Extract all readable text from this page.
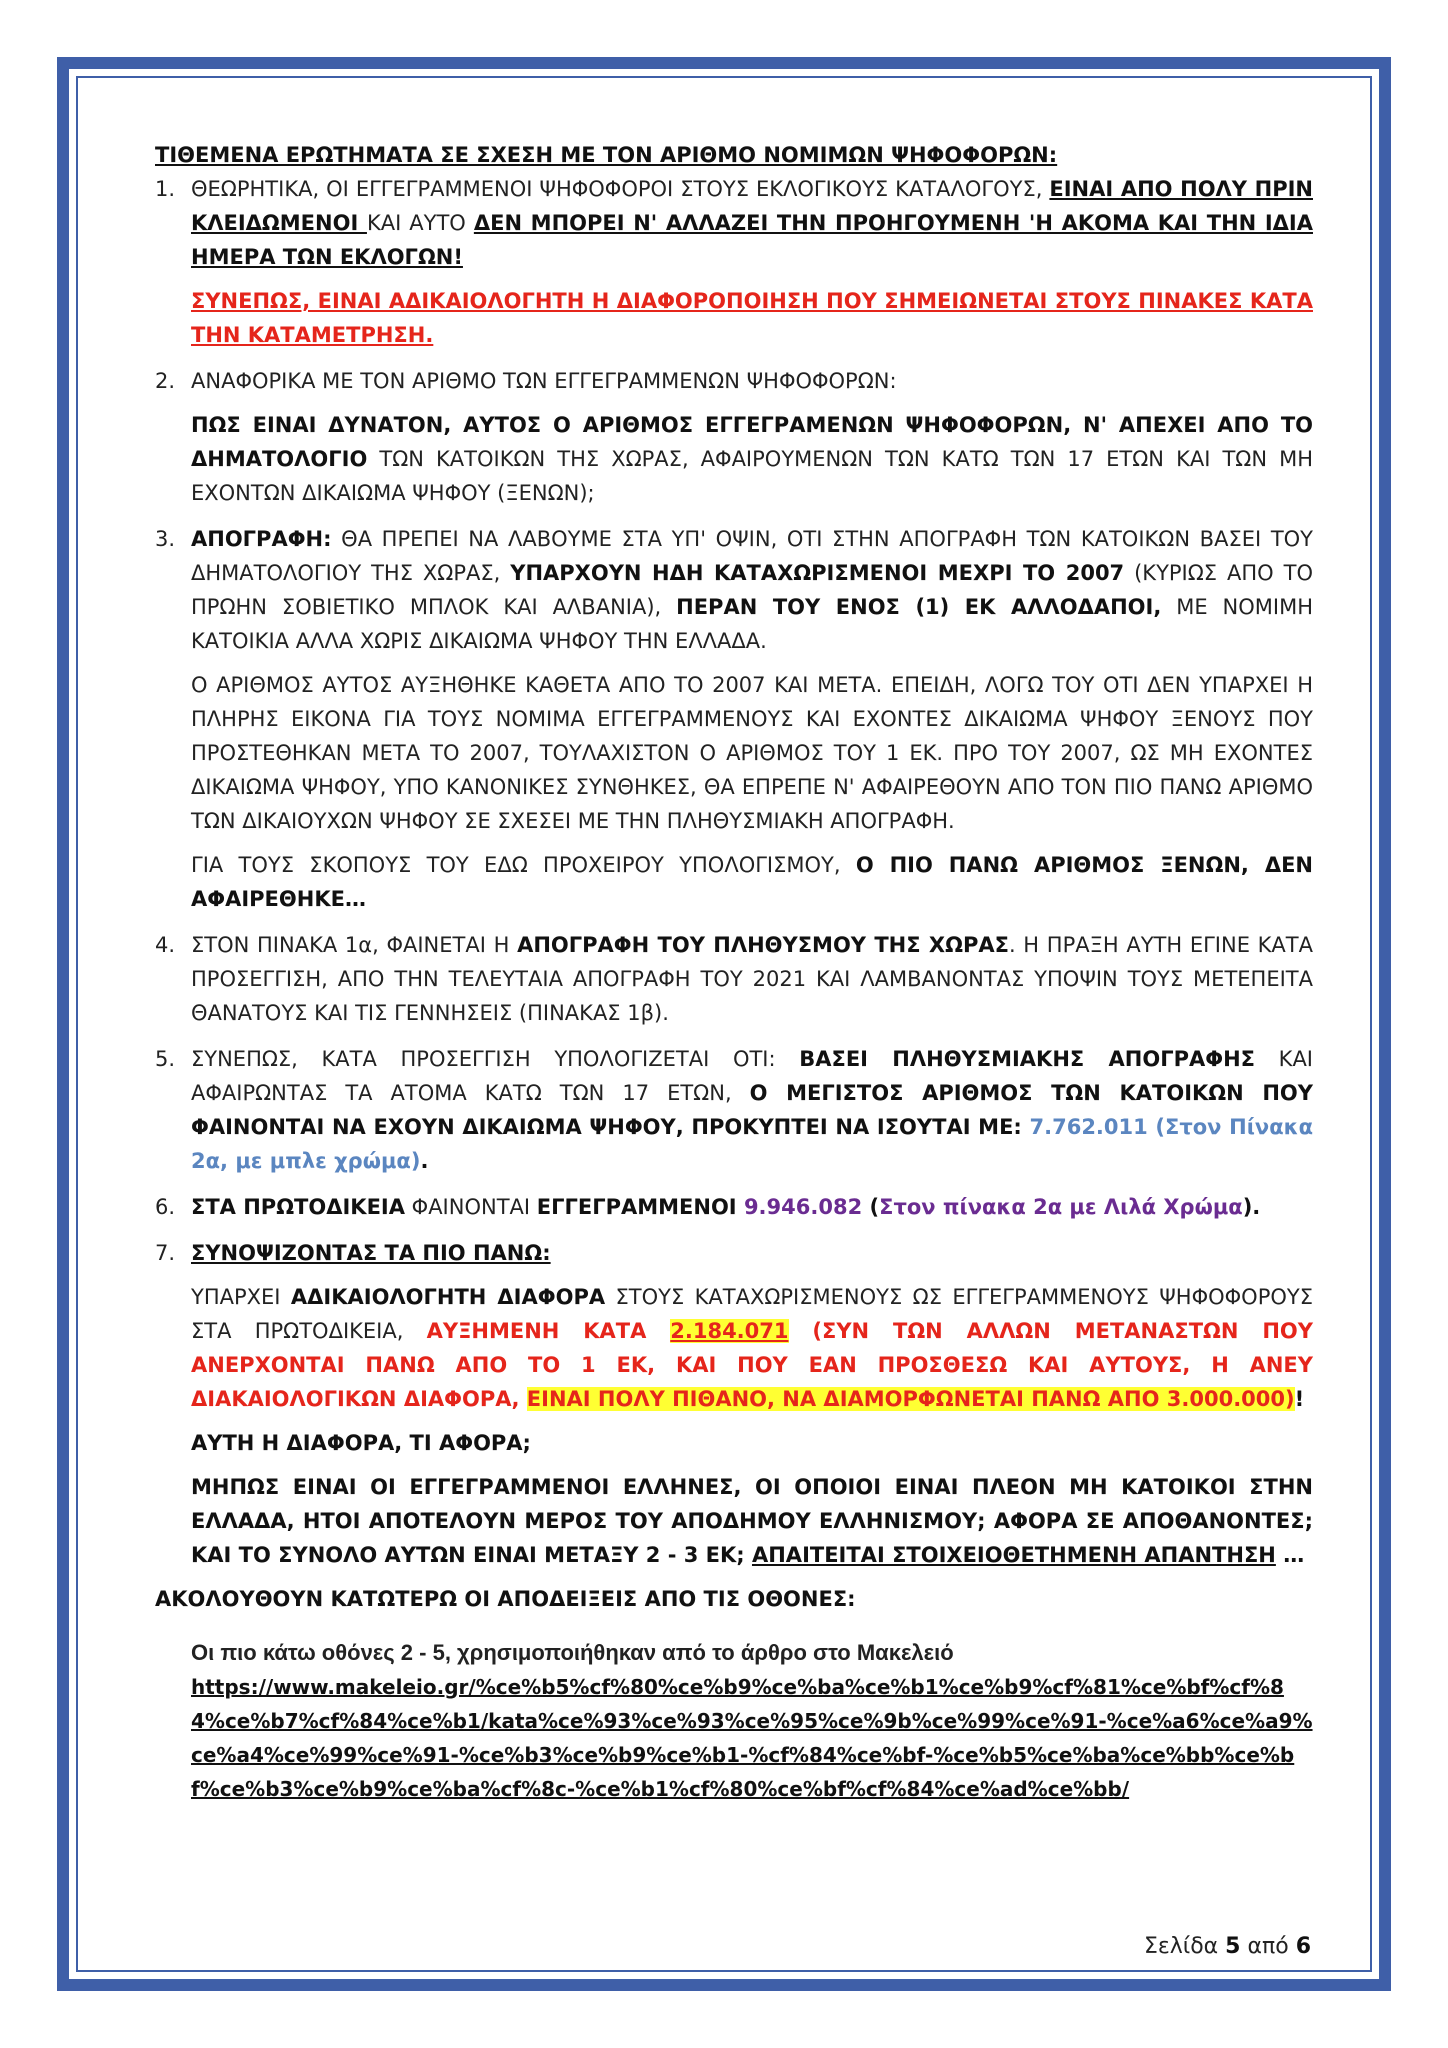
ΤΙΘΕΜΕΝΑ ΕΡΩΤΗΜΑΤΑ ΣΕ ΣΧΕΣΗ ΜΕ ΤΟΝ ΑΡΙΘΜΟ ΝΟΜΙΜΩΝ ΨΗΦΟΦΟΡΩΝ:

1. ΘΕΩΡΗΤΙΚΑ, ΟΙ ΕΓΓΕΓΡΑΜΜΕΝΟΙ ΨΗΦΟΦΟΡΟΙ ΣΤΟΥΣ ΕΚΛΟΓΙΚΟΥΣ ΚΑΤΑΛΟΓΟΥΣ, ΕΙΝΑΙ ΑΠΟ ΠΟΛΥ ΠΡΙΝ ΚΛΕΙΔΩΜΕΝΟΙ ΚΑΙ ΑΥΤΟ ΔΕΝ ΜΠΟΡΕΙ Ν' ΑΛΛΑΖΕΙ ΤΗΝ ΠΡΟΗΓΟΥΜΕΝΗ 'Η ΑΚΟΜΑ ΚΑΙ ΤΗΝ ΙΔΙΑ ΗΜΕΡΑ ΤΩΝ ΕΚΛΟΓΩΝ!

ΣΥΝΕΠΩΣ, ΕΙΝΑΙ ΑΔΙΚΑΙΟΛΟΓΗΤΗ Η ΔΙΑΦΟΡΟΠΟΙΗΣΗ ΠΟΥ ΣΗΜΕΙΩΝΕΤΑΙ ΣΤΟΥΣ ΠΙΝΑΚΕΣ ΚΑΤΑ ΤΗΝ ΚΑΤΑΜΕΤΡΗΣΗ.

2. ΑΝΑΦΟΡΙΚΑ ΜΕ ΤΟΝ ΑΡΙΘΜΟ ΤΩΝ ΕΓΓΕΓΡΑΜΜΕΝΩΝ ΨΗΦΟΦΟΡΩΝ:

ΠΩΣ ΕΙΝΑΙ ΔΥΝΑΤΟΝ, ΑΥΤΟΣ Ο ΑΡΙΘΜΟΣ ΕΓΓΕΓΡΑΜΕΝΩΝ ΨΗΦΟΦΟΡΩΝ, Ν' ΑΠΕΧΕΙ ΑΠΟ ΤΟ ΔΗΜΑΤΟΛΟΓΙΟ ΤΩΝ ΚΑΤΟΙΚΩΝ ΤΗΣ ΧΩΡΑΣ, ΑΦΑΙΡΟΥΜΕΝΩΝ ΤΩΝ ΚΑΤΩ ΤΩΝ 17 ΕΤΩΝ ΚΑΙ ΤΩΝ ΜΗ ΕΧΟΝΤΩΝ ΔΙΚΑΙΩΜΑ ΨΗΦΟΥ (ΞΕΝΩΝ);

3. ΑΠΟΓΡΑΦΗ: ΘΑ ΠΡΕΠΕΙ ΝΑ ΛΑΒΟΥΜΕ ΣΤΑ ΥΠ' ΟΨΙΝ, ΟΤΙ ΣΤΗΝ ΑΠΟΓΡΑΦΗ ΤΩΝ ΚΑΤΟΙΚΩΝ ΒΑΣΕΙ ΤΟΥ ΔΗΜΑΤΟΛΟΓΙΟΥ ΤΗΣ ΧΩΡΑΣ, ΥΠΑΡΧΟΥΝ ΗΔΗ ΚΑΤΑΧΩΡΙΣΜΕΝΟΙ ΜΕΧΡΙ ΤΟ 2007 (ΚΥΡΙΩΣ ΑΠΟ ΤΟ ΠΡΩΗΝ ΣΟΒΙΕΤΙΚΟ ΜΠΛΟΚ ΚΑΙ ΑΛΒΑΝΙΑ), ΠΕΡΑΝ ΤΟΥ ΕΝΟΣ (1) ΕΚ ΑΛΛΟΔΑΠΟΙ, ΜΕ ΝΟΜΙΜΗ ΚΑΤΟΙΚΙΑ ΑΛΛΑ ΧΩΡΙΣ ΔΙΚΑΙΩΜΑ ΨΗΦΟΥ ΤΗΝ ΕΛΛΑΔΑ.

Ο ΑΡΙΘΜΟΣ ΑΥΤΟΣ ΑΥΞΗΘΗΚΕ ΚΑΘΕΤΑ ΑΠΟ ΤΟ 2007 ΚΑΙ ΜΕΤΑ. ΕΠΕΙΔΗ, ΛΟΓΩ ΤΟΥ ΟΤΙ ΔΕΝ ΥΠΑΡΧΕΙ Η ΠΛΗΡΗΣ ΕΙΚΟΝΑ ΓΙΑ ΤΟΥΣ ΝΟΜΙΜΑ ΕΓΓΕΓΡΑΜΜΕΝΟΥΣ ΚΑΙ ΕΧΟΝΤΕΣ ΔΙΚΑΙΩΜΑ ΨΗΦΟΥ ΞΕΝΟΥΣ ΠΟΥ ΠΡΟΣΤΕΘΗΚΑΝ ΜΕΤΑ ΤΟ 2007, ΤΟΥΛΑΧΙΣΤΟΝ Ο ΑΡΙΘΜΟΣ ΤΟΥ 1 ΕΚ. ΠΡΟ ΤΟΥ 2007, ΩΣ ΜΗ ΕΧΟΝΤΕΣ ΔΙΚΑΙΩΜΑ ΨΗΦΟΥ, ΥΠΟ ΚΑΝΟΝΙΚΕΣ ΣΥΝΘΗΚΕΣ, ΘΑ ΕΠΡΕΠΕ Ν' ΑΦΑΙΡΕΘΟΥΝ ΑΠΟ ΤΟΝ ΠΙΟ ΠΑΝΩ ΑΡΙΘΜΟ ΤΩΝ ΔΙΚΑΙΟΥΧΩΝ ΨΗΦΟΥ ΣΕ ΣΧΕΣΕΙ ΜΕ ΤΗΝ ΠΛΗΘΥΣΜΙΑΚΗ ΑΠΟΓΡΑΦΗ.

ΓΙΑ ΤΟΥΣ ΣΚΟΠΟΥΣ ΤΟΥ ΕΔΩ ΠΡΟΧΕΙΡΟΥ ΥΠΟΛΟΓΙΣΜΟΥ, Ο ΠΙΟ ΠΑΝΩ ΑΡΙΘΜΟΣ ΞΕΝΩΝ, ΔΕΝ ΑΦΑΙΡΕΘΗΚΕ…

4. ΣΤΟΝ ΠΙΝΑΚΑ 1α, ΦΑΙΝΕΤΑΙ Η ΑΠΟΓΡΑΦΗ ΤΟΥ ΠΛΗΘΥΣΜΟΥ ΤΗΣ ΧΩΡΑΣ. Η ΠΡΑΞΗ ΑΥΤΗ ΕΓΙΝΕ ΚΑΤΑ ΠΡΟΣΕΓΓΙΣΗ, ΑΠΟ ΤΗΝ ΤΕΛΕΥΤΑΙΑ ΑΠΟΓΡΑΦΗ ΤΟΥ 2021 ΚΑΙ ΛΑΜΒΑΝΟΝΤΑΣ ΥΠΟΨΙΝ ΤΟΥΣ ΜΕΤΕΠΕΙΤΑ ΘΑΝΑΤΟΥΣ ΚΑΙ ΤΙΣ ΓΕΝΝΗΣΕΙΣ (ΠΙΝΑΚΑΣ 1β).

5. ΣΥΝΕΠΩΣ, ΚΑΤΑ ΠΡΟΣΕΓΓΙΣΗ ΥΠΟΛΟΓΙΖΕΤΑΙ ΟΤΙ: ΒΑΣΕΙ ΠΛΗΘΥΣΜΙΑΚΗΣ ΑΠΟΓΡΑΦΗΣ ΚΑΙ ΑΦΑΙΡΩΝΤΑΣ ΤΑ ΑΤΟΜΑ ΚΑΤΩ ΤΩΝ 17 ΕΤΩΝ, Ο ΜΕΓΙΣΤΟΣ ΑΡΙΘΜΟΣ ΤΩΝ ΚΑΤΟΙΚΩΝ ΠΟΥ ΦΑΙΝΟΝΤΑΙ ΝΑ ΕΧΟΥΝ ΔΙΚΑΙΩΜΑ ΨΗΦΟΥ, ΠΡΟΚΥΠΤΕΙ ΝΑ ΙΣΟΥΤΑΙ ΜΕ: 7.762.011 (Στον Πίνακα 2α, με μπλε χρώμα).

6. ΣΤΑ ΠΡΩΤΟΔΙΚΕΙΑ ΦΑΙΝΟΝΤΑΙ ΕΓΓΕΓΡΑΜΜΕΝΟΙ 9.946.082 (Στον πίνακα 2α με Λιλά Χρώμα).

7. ΣΥΝΟΨΙΖΟΝΤΑΣ ΤΑ ΠΙΟ ΠΑΝΩ:

ΥΠΑΡΧΕΙ ΑΔΙΚΑΙΟΛΟΓΗΤΗ ΔΙΑΦΟΡΑ ΣΤΟΥΣ ΚΑΤΑΧΩΡΙΣΜΕΝΟΥΣ ΩΣ ΕΓΓΕΓΡΑΜΜΕΝΟΥΣ ΨΗΦΟΦΟΡΟΥΣ ΣΤΑ ΠΡΩΤΟΔΙΚΕΙΑ, ΑΥΞΗΜΕΝΗ ΚΑΤΑ 2.184.071 (ΣΥΝ ΤΩΝ ΑΛΛΩΝ ΜΕΤΑΝΑΣΤΩΝ ΠΟΥ ΑΝΕΡΧΟΝΤΑΙ ΠΑΝΩ ΑΠΟ ΤΟ 1 ΕΚ, ΚΑΙ ΠΟΥ ΕΑΝ ΠΡΟΣΘΕΣΩ ΚΑΙ ΑΥΤΟΥΣ, Η ΑΝΕΥ ΔΙΑΚΑΙΟΛΟΓΙΚΩΝ ΔΙΑΦΟΡΑ, ΕΙΝΑΙ ΠΟΛΥ ΠΙΘΑΝΟ, ΝΑ ΔΙΑΜΟΡΦΩΝΕΤΑΙ ΠΑΝΩ ΑΠΟ 3.000.000)!

ΑΥΤΗ Η ΔΙΑΦΟΡΑ, ΤΙ ΑΦΟΡΑ;

ΜΗΠΩΣ ΕΙΝΑΙ ΟΙ ΕΓΓΕΓΡΑΜΜΕΝΟΙ ΕΛΛΗΝΕΣ, ΟΙ ΟΠΟΙΟΙ ΕΙΝΑΙ ΠΛΕΟΝ ΜΗ ΚΑΤΟΙΚΟΙ ΣΤΗΝ ΕΛΛΑΔΑ, ΗΤΟΙ ΑΠΟΤΕΛΟΥΝ ΜΕΡΟΣ ΤΟΥ ΑΠΟΔΗΜΟΥ ΕΛΛΗΝΙΣΜΟΥ; ΑΦΟΡΑ ΣΕ ΑΠΟΘΑΝΟΝΤΕΣ; ΚΑΙ ΤΟ ΣΥΝΟΛΟ ΑΥΤΩΝ ΕΙΝΑΙ ΜΕΤΑΞΥ 2 - 3 ΕΚ; ΑΠΑΙΤΕΙΤΑΙ ΣΤΟΙΧΕΙΟΘΕΤΗΜΕΝΗ ΑΠΑΝΤΗΣΗ …

ΑΚΟΛΟΥΘΟΥΝ ΚΑΤΩΤΕΡΩ ΟΙ ΑΠΟΔΕΙΞΕΙΣ ΑΠΟ ΤΙΣ ΟΘΟΝΕΣ:

Οι πιο κάτω οθόνες 2 - 5, χρησιμοποιήθηκαν από το άρθρο στο Μακελειό

https://www.makeleio.gr/%ce%b5%cf%80%ce%b9%ce%ba%ce%b1%ce%b9%cf%81%ce%bf%cf%84%ce%b7%cf%84%ce%b1/kata%ce%93%ce%93%ce%95%ce%9b%ce%99%ce%91-%ce%a6%ce%a9%ce%a4%ce%99%ce%91-%ce%b3%ce%b9%ce%b1-%cf%84%ce%bf-%ce%b5%ce%ba%ce%bb%ce%bf%ce%b3%ce%b9%ce%ba%cf%8c-%ce%b1%cf%80%ce%bf%cf%84%ce%ad%ce%bb/

Σελίδα 5 από 6
